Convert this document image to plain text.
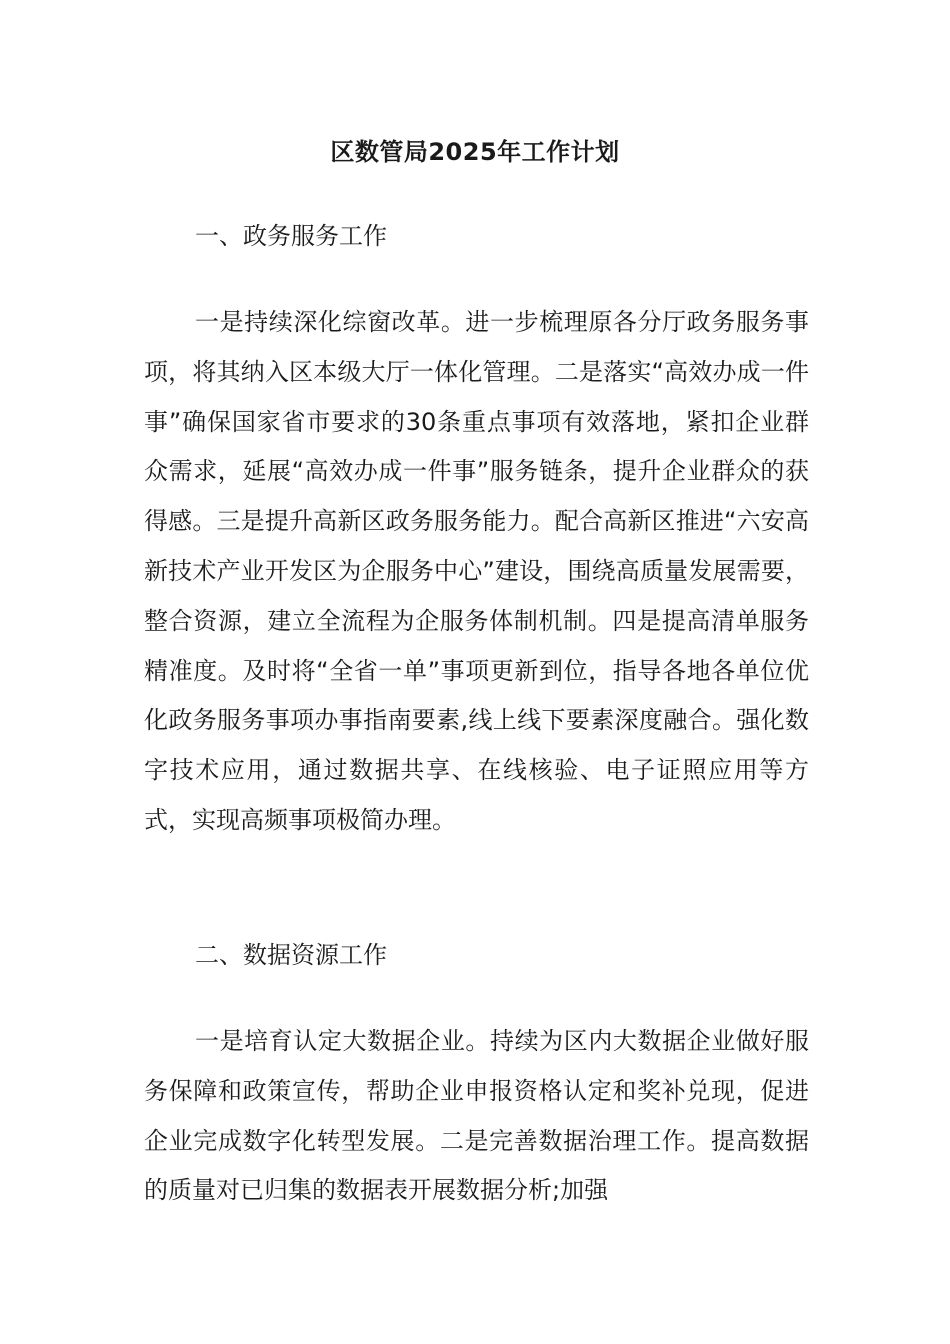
区数管局2025年工作计划
一、政务服务工作

一是持续深化综窗改革。进一步梳理原各分厅政务服务事项，将其纳入区本级大厅一体化管理。二是落实“高效办成一件事”确保国家省市要求的30条重点事项有效落地，紧扣企业群众需求，延展“高效办成一件事”服务链条，提升企业群众的获得感。三是提升高新区政务服务能力。配合高新区推进“六安高新技术产业开发区为企服务中心”建设，围绕高质量发展需要，整合资源，建立全流程为企服务体制机制。四是提高清单服务精准度。及时将“全省一单”事项更新到位，指导各地各单位优化政务服务事项办事指南要素,线上线下要素深度融合。强化数字技术应用，通过数据共享、在线核验、电子证照应用等方式，实现高频事项极简办理。

二、数据资源工作

一是培育认定大数据企业。持续为区内大数据企业做好服务保障和政策宣传，帮助企业申报资格认定和奖补兑现，促进企业完成数字化转型发展。二是完善数据治理工作。提高数据的质量对已归集的数据表开展数据分析;加强
